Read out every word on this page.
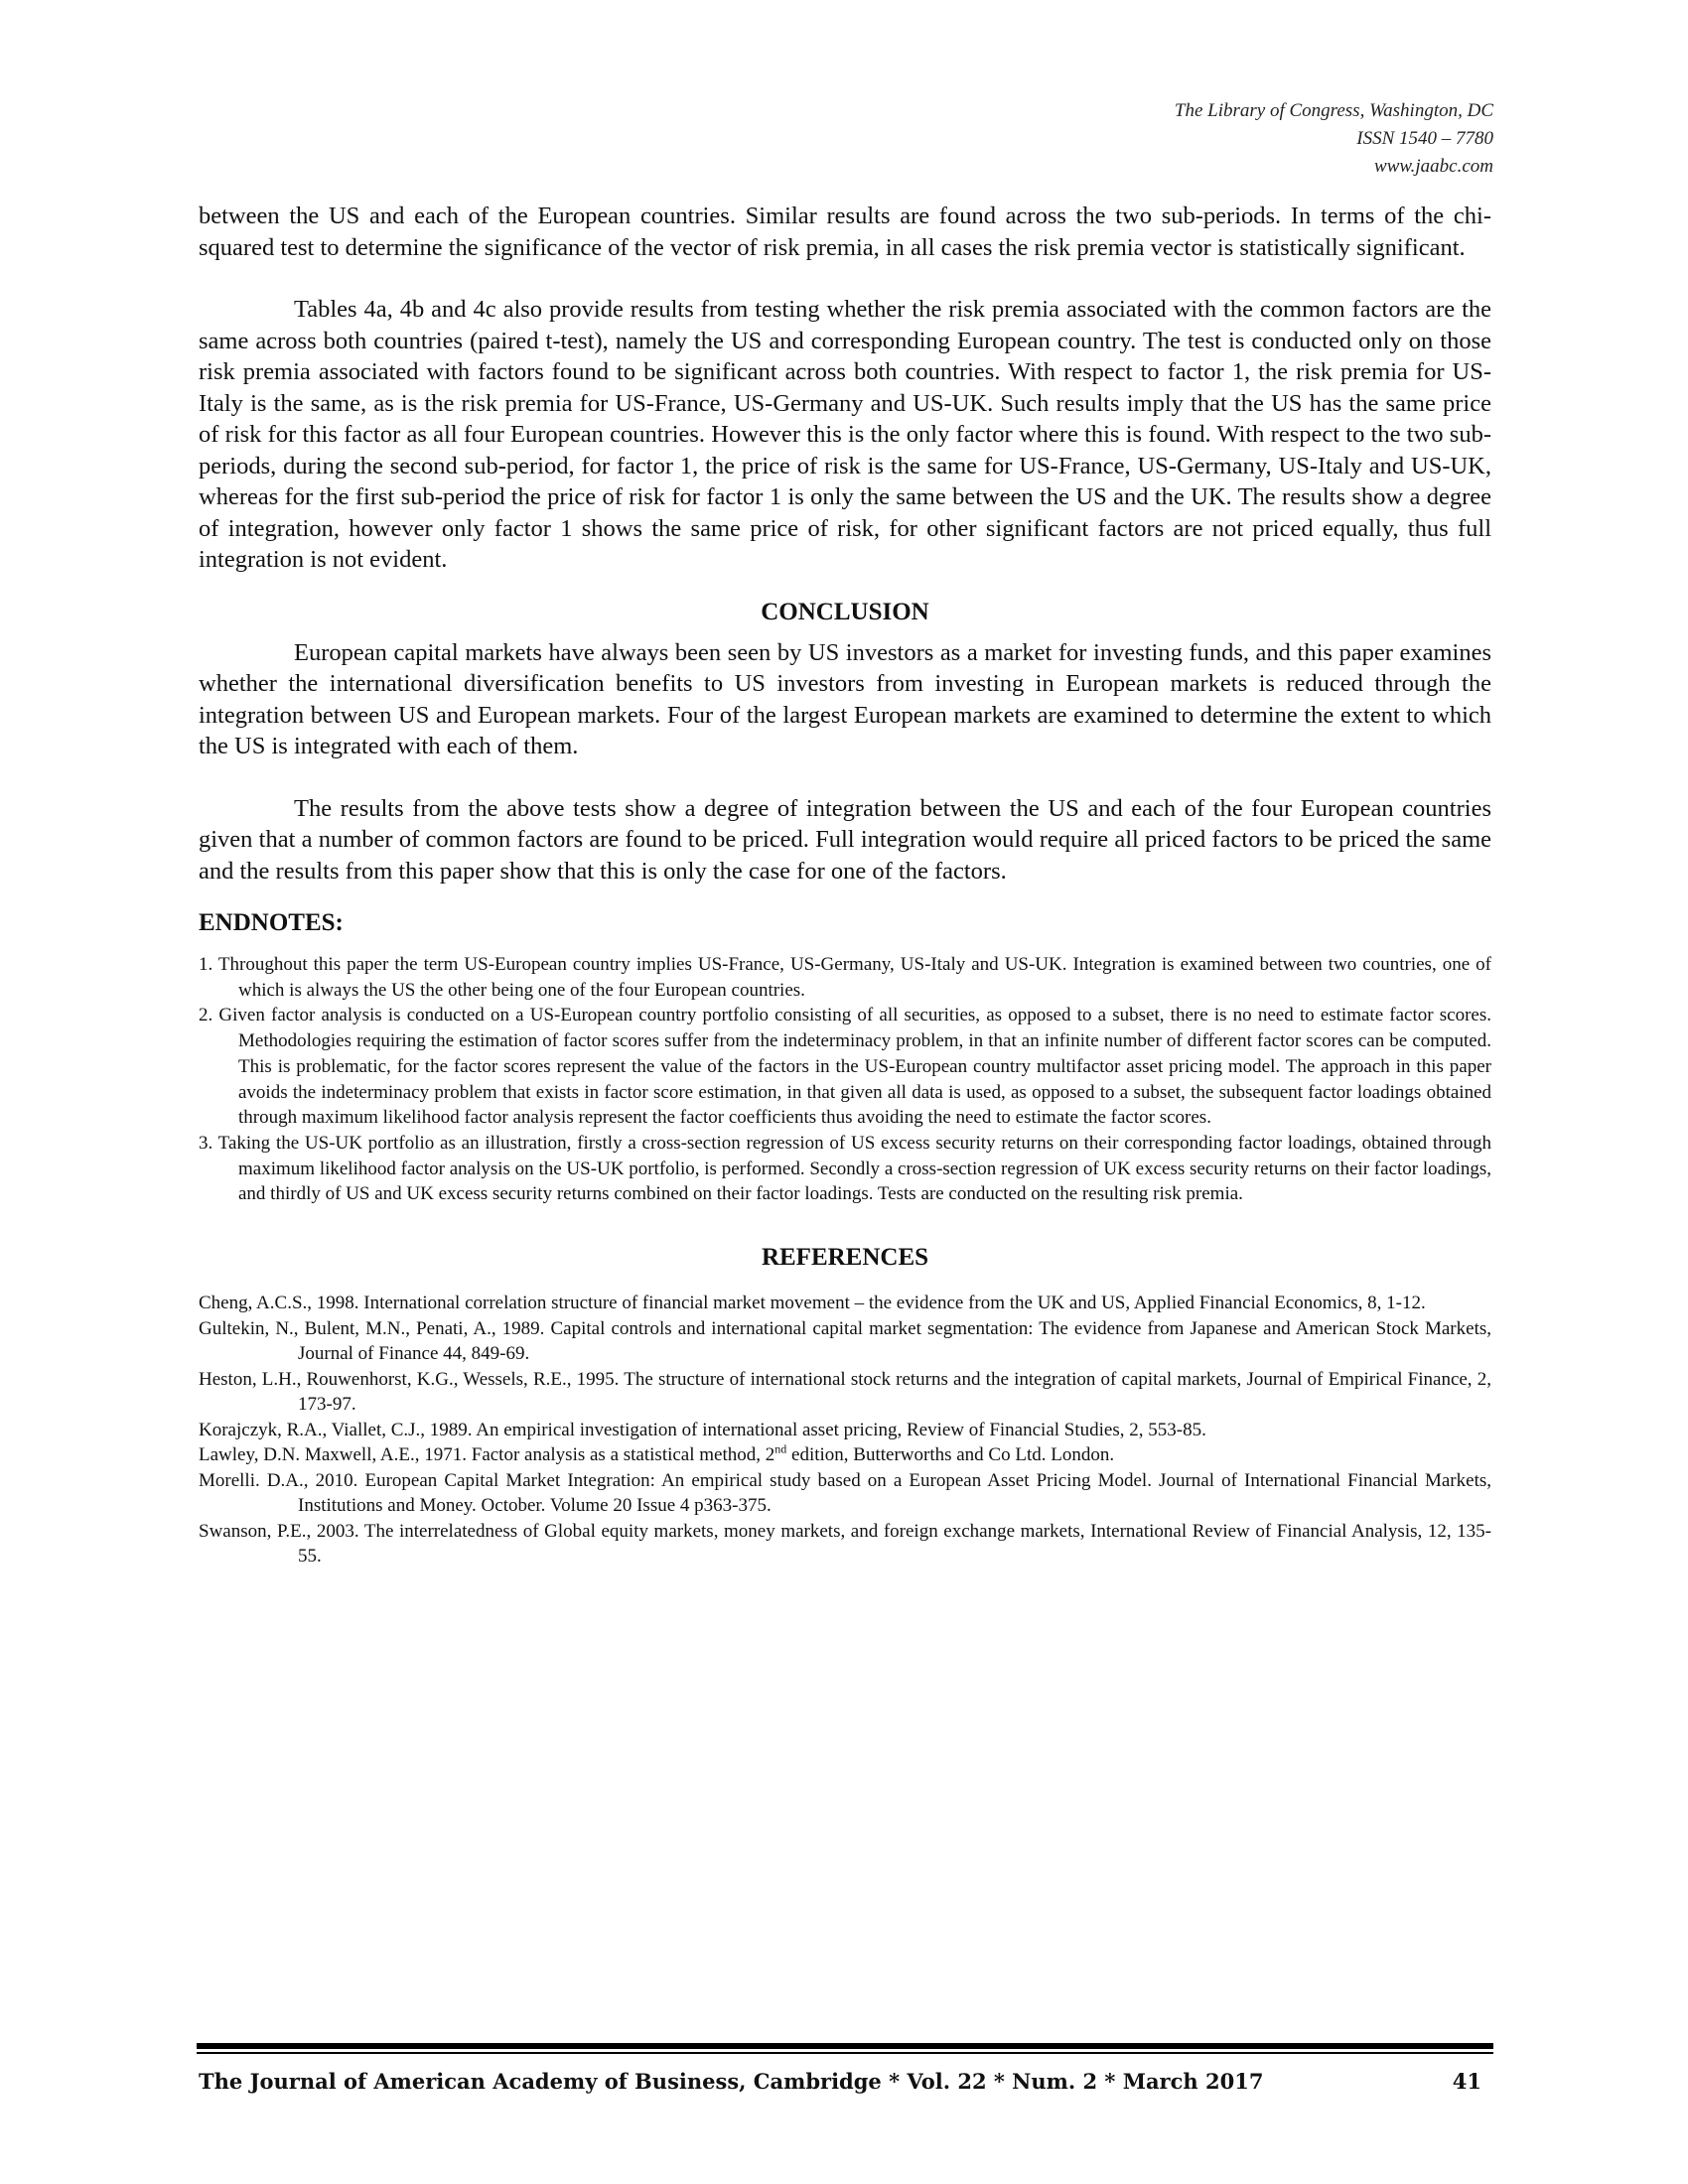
The Library of Congress, Washington, DC
ISSN 1540 – 7780
www.jaabc.com

between the US and each of the European countries. Similar results are found across the two sub-periods. In terms of the chi-squared test to determine the significance of the vector of risk premia, in all cases the risk premia vector is statistically significant.

Tables 4a, 4b and 4c also provide results from testing whether the risk premia associated with the common factors are the same across both countries (paired t-test), namely the US and corresponding European country. The test is conducted only on those risk premia associated with factors found to be significant across both countries. With respect to factor 1, the risk premia for US-Italy is the same, as is the risk premia for US-France, US-Germany and US-UK. Such results imply that the US has the same price of risk for this factor as all four European countries. However this is the only factor where this is found. With respect to the two sub-periods, during the second sub-period, for factor 1, the price of risk is the same for US-France, US-Germany, US-Italy and US-UK, whereas for the first sub-period the price of risk for factor 1 is only the same between the US and the UK. The results show a degree of integration, however only factor 1 shows the same price of risk, for other significant factors are not priced equally, thus full integration is not evident.

CONCLUSION

European capital markets have always been seen by US investors as a market for investing funds, and this paper examines whether the international diversification benefits to US investors from investing in European markets is reduced through the integration between US and European markets. Four of the largest European markets are examined to determine the extent to which the US is integrated with each of them.

The results from the above tests show a degree of integration between the US and each of the four European countries given that a number of common factors are found to be priced. Full integration would require all priced factors to be priced the same and the results from this paper show that this is only the case for one of the factors.

ENDNOTES:

1. Throughout this paper the term US-European country implies US-France, US-Germany, US-Italy and US-UK. Integration is examined between two countries, one of which is always the US the other being one of the four European countries.

2. Given factor analysis is conducted on a US-European country portfolio consisting of all securities, as opposed to a subset, there is no need to estimate factor scores. Methodologies requiring the estimation of factor scores suffer from the indeterminacy problem, in that an infinite number of different factor scores can be computed. This is problematic, for the factor scores represent the value of the factors in the US-European country multifactor asset pricing model. The approach in this paper avoids the indeterminacy problem that exists in factor score estimation, in that given all data is used, as opposed to a subset, the subsequent factor loadings obtained through maximum likelihood factor analysis represent the factor coefficients thus avoiding the need to estimate the factor scores.

3. Taking the US-UK portfolio as an illustration, firstly a cross-section regression of US excess security returns on their corresponding factor loadings, obtained through maximum likelihood factor analysis on the US-UK portfolio, is performed. Secondly a cross-section regression of UK excess security returns on their factor loadings, and thirdly of US and UK excess security returns combined on their factor loadings. Tests are conducted on the resulting risk premia.

REFERENCES

Cheng, A.C.S., 1998. International correlation structure of financial market movement – the evidence from the UK and US, Applied Financial Economics, 8, 1-12.

Gultekin, N., Bulent, M.N., Penati, A., 1989. Capital controls and international capital market segmentation: The evidence from Japanese and American Stock Markets, Journal of Finance 44, 849-69.

Heston, L.H., Rouwenhorst, K.G., Wessels, R.E., 1995. The structure of international stock returns and the integration of capital markets, Journal of Empirical Finance, 2, 173-97.

Korajczyk, R.A., Viallet, C.J., 1989. An empirical investigation of international asset pricing, Review of Financial Studies, 2, 553-85.

Lawley, D.N. Maxwell, A.E., 1971. Factor analysis as a statistical method, 2nd edition, Butterworths and Co Ltd. London.

Morelli. D.A., 2010. European Capital Market Integration: An empirical study based on a European Asset Pricing Model. Journal of International Financial Markets, Institutions and Money. October. Volume 20 Issue 4 p363-375.

Swanson, P.E., 2003. The interrelatedness of Global equity markets, money markets, and foreign exchange markets, International Review of Financial Analysis, 12, 135-55.

The Journal of American Academy of Business, Cambridge * Vol. 22 * Num. 2 * March 2017	41
